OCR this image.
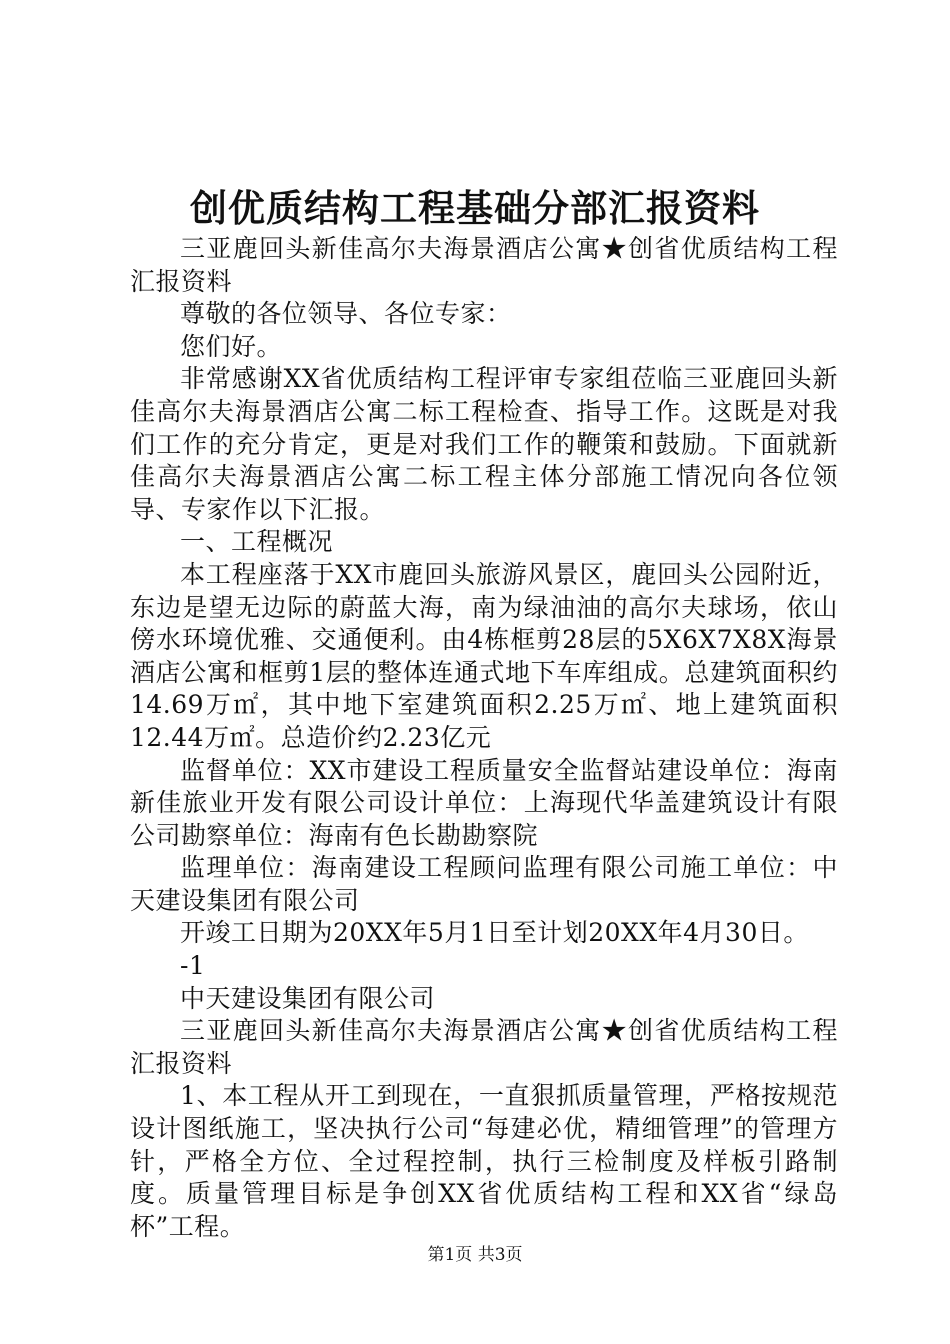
创优质结构工程基础分部汇报资料

三亚鹿回头新佳高尔夫海景酒店公寓★创省优质结构工程汇报资料

尊敬的各位领导、各位专家：

您们好。

非常感谢XX省优质结构工程评审专家组莅临三亚鹿回头新佳高尔夫海景酒店公寓二标工程检查、指导工作。这既是对我们工作的充分肯定，更是对我们工作的鞭策和鼓励。下面就新佳高尔夫海景酒店公寓二标工程主体分部施工情况向各位领导、专家作以下汇报。

一、工程概况

本工程座落于XX市鹿回头旅游风景区，鹿回头公园附近，东边是望无边际的蔚蓝大海，南为绿油油的高尔夫球场，依山傍水环境优雅、交通便利。由4栋框剪28层的5X6X7X8X海景酒店公寓和框剪1层的整体连通式地下车库组成。总建筑面积约14.69万㎡，其中地下室建筑面积2.25万㎡、地上建筑面积12.44万㎡。总造价约2.23亿元

监督单位：XX市建设工程质量安全监督站建设单位：海南新佳旅业开发有限公司设计单位：上海现代华盖建筑设计有限公司勘察单位：海南有色长勘勘察院

监理单位：海南建设工程顾问监理有限公司施工单位：中天建设集团有限公司

开竣工日期为20XX年5月1日至计划20XX年4月30日。

-1

中天建设集团有限公司

三亚鹿回头新佳高尔夫海景酒店公寓★创省优质结构工程汇报资料

1、本工程从开工到现在，一直狠抓质量管理，严格按规范设计图纸施工，坚决执行公司“每建必优，精细管理”的管理方针，严格全方位、全过程控制，执行三检制度及样板引路制度。质量管理目标是争创XX省优质结构工程和XX省“绿岛杯”工程。

第1页 共3页
